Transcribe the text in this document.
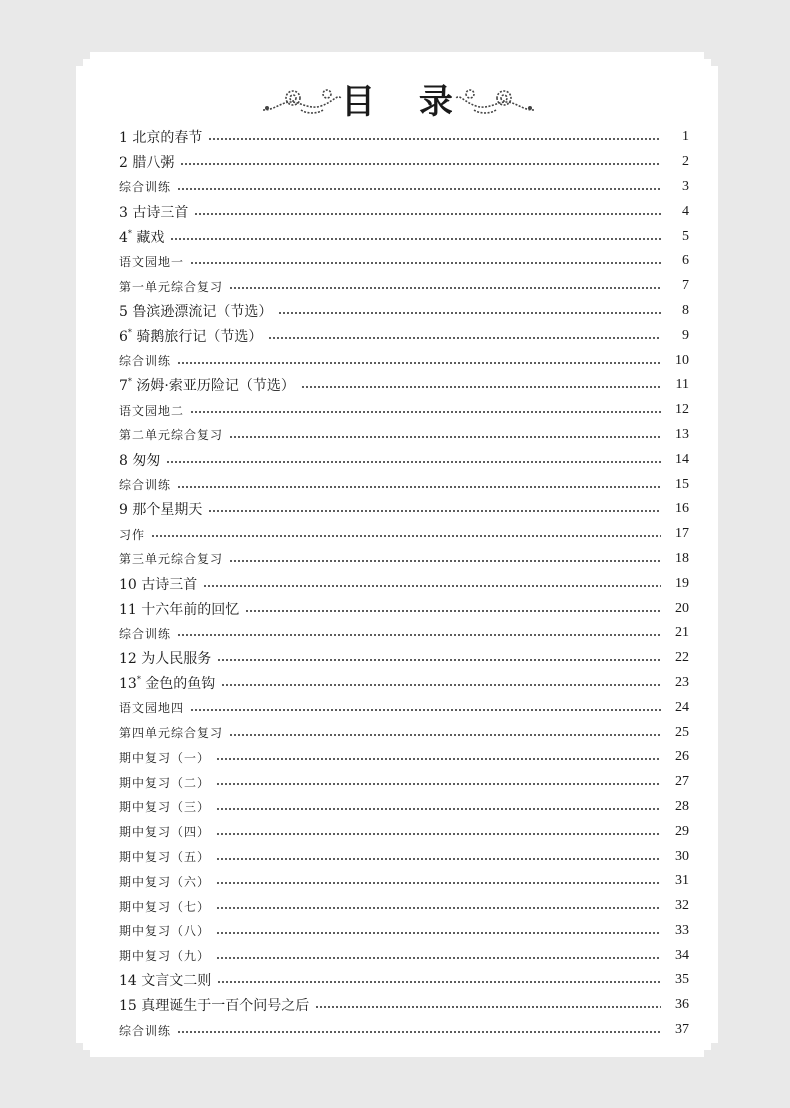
目 录
1 北京的春节	1
2 腊八粥	2
综合训练	3
3 古诗三首	4
4* 藏戏	5
语文园地一	6
第一单元综合复习	7
5 鲁滨逊漂流记（节选）	8
6* 骑鹅旅行记（节选）	9
综合训练	10
7* 汤姆·索亚历险记（节选）	11
语文园地二	12
第二单元综合复习	13
8 匆匆	14
综合训练	15
9 那个星期天	16
习作	17
第三单元综合复习	18
10 古诗三首	19
11 十六年前的回忆	20
综合训练	21
12 为人民服务	22
13* 金色的鱼钩	23
语文园地四	24
第四单元综合复习	25
期中复习（一）	26
期中复习（二）	27
期中复习（三）	28
期中复习（四）	29
期中复习（五）	30
期中复习（六）	31
期中复习（七）	32
期中复习（八）	33
期中复习（九）	34
14 文言文二则	35
15 真理诞生于一百个问号之后	36
综合训练	37
